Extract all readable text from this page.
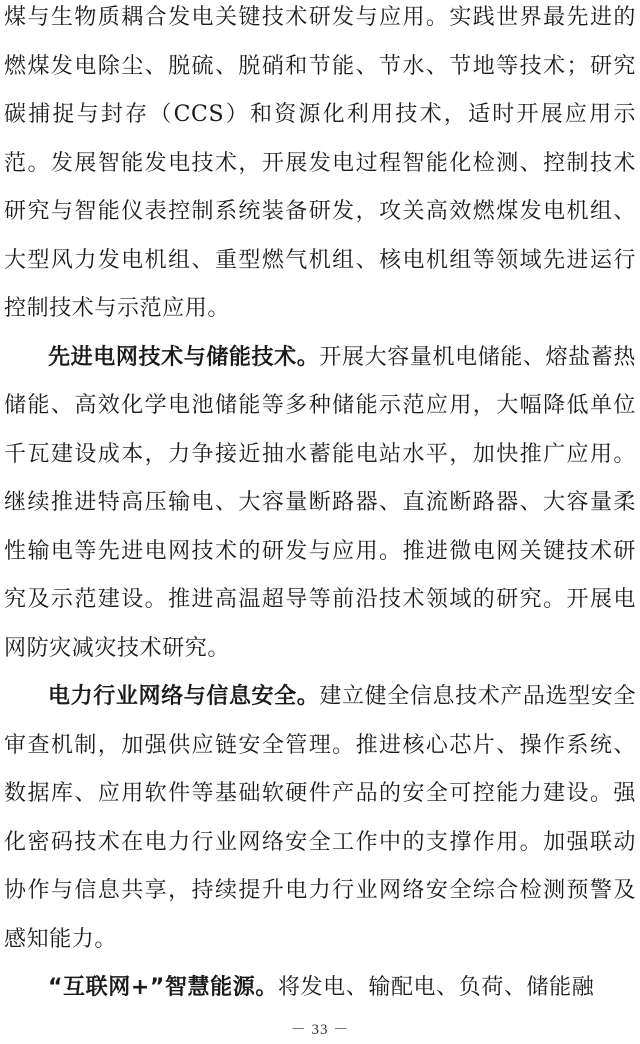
煤与生物质耦合发电关键技术研发与应用。实践世界最先进的燃煤发电除尘、脱硫、脱硝和节能、节水、节地等技术；研究碳捕捉与封存（CCS）和资源化利用技术，适时开展应用示范。发展智能发电技术，开展发电过程智能化检测、控制技术研究与智能仪表控制系统装备研发，攻关高效燃煤发电机组、大型风力发电机组、重型燃气机组、核电机组等领域先进运行控制技术与示范应用。

先进电网技术与储能技术。开展大容量机电储能、熔盐蓄热储能、高效化学电池储能等多种储能示范应用，大幅降低单位千瓦建设成本，力争接近抽水蓄能电站水平，加快推广应用。继续推进特高压输电、大容量断路器、直流断路器、大容量柔性输电等先进电网技术的研发与应用。推进微电网关键技术研究及示范建设。推进高温超导等前沿技术领域的研究。开展电网防灾减灾技术研究。

电力行业网络与信息安全。建立健全信息技术产品选型安全审查机制，加强供应链安全管理。推进核心芯片、操作系统、数据库、应用软件等基础软硬件产品的安全可控能力建设。强化密码技术在电力行业网络安全工作中的支撑作用。加强联动协作与信息共享，持续提升电力行业网络安全综合检测预警及感知能力。

“互联网+”智慧能源。将发电、输配电、负荷、储能融

－ 33 －
